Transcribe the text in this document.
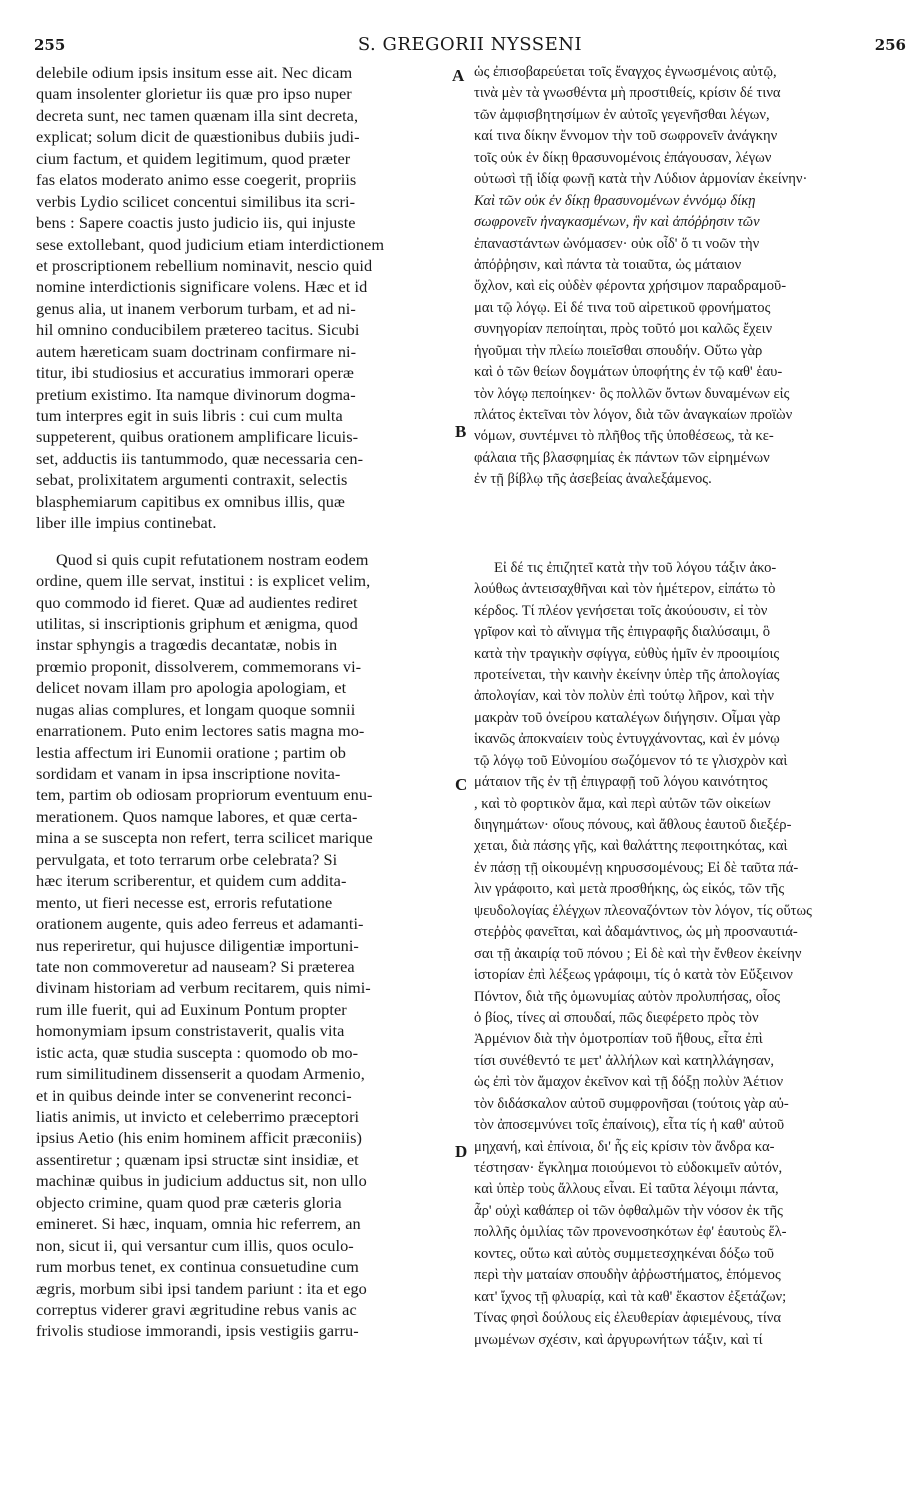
255	S. GREGORII NYSSENI	256
A
B
C
D

delebile odium ipsis insitum esse ait. Nec dicam

quam insolenter glorietur iis quæ pro ipso nuper

decreta sunt, nec tamen quænam illa sint decreta,

explicat; solum dicit de quæstionibus dubiis judi-

cium factum, et quidem legitimum, quod præter

fas elatos moderato animo esse coegerit, propriis

verbis Lydio scilicet concentui similibus ita scri-

bens : Sapere coactis justo judicio iis, qui injuste

sese extollebant, quod judicium etiam interdictionem

et proscriptionem rebellium nominavit, nescio quid

nomine interdictionis significare volens. Hæc et id

genus alia, ut inanem verborum turbam, et ad ni-

hil omnino conducibilem prætereo tacitus. Sicubi

autem hæreticam suam doctrinam confirmare ni-

titur, ibi studiosius et accuratius immorari operæ

pretium existimo. Ita namque divinorum dogma-

tum interpres egit in suis libris : cui cum multa

suppeterent, quibus orationem amplificare licuis-

set, adductis iis tantummodo, quæ necessaria cen-

sebat, prolixitatem argumenti contraxit, selectis

blasphemiarum capitibus ex omnibus illis, quæ

liber ille impius continebat.

Quod si quis cupit refutationem nostram eodem

ordine, quem ille servat, institui : is explicet velim,

quo commodo id fieret. Quæ ad audientes rediret

utilitas, si inscriptionis griphum et ænigma, quod

instar sphyngis a tragœdis decantatæ, nobis in

prœmio proponit, dissolverem, commemorans vi-

delicet novam illam pro apologia apologiam, et

nugas alias complures, et longam quoque somnii

enarrationem. Puto enim lectores satis magna mo-

lestia affectum iri Eunomii oratione ; partim ob

sordidam et vanam in ipsa inscriptione novita-

tem, partim ob odiosam propriorum eventuum enu-

merationem. Quos namque labores, et quæ certa-

mina a se suscepta non refert, terra scilicet marique

pervulgata, et toto terrarum orbe celebrata? Si

hæc iterum scriberentur, et quidem cum addita-

mento, ut fieri necesse est, erroris refutatione

orationem augente, quis adeo ferreus et adamanti-

nus reperiretur, qui hujusce diligentiæ importuni-

tate non commoveretur ad nauseam? Si præterea

divinam historiam ad verbum recitarem, quis nimi-

rum ille fuerit, qui ad Euxinum Pontum propter

homonymiam ipsum constristaverit, qualis vita

istic acta, quæ studia suscepta : quomodo ob mo-

rum similitudinem dissenserit a quodam Armenio,

et in quibus deinde inter se convenerint reconci-

liatis animis, ut invicto et celeberrimo præceptori

ipsius Aetio (his enim hominem afficit præconiis)

assentiretur ; quænam ipsi structæ sint insidiæ, et

machinæ quibus in judicium adductus sit, non ullo

objecto crimine, quam quod præ cæteris gloria

emineret. Si hæc, inquam, omnia hic referrem, an

non, sicut ii, qui versantur cum illis, quos oculo-

rum morbus tenet, ex continua consuetudine cum

ægris, morbum sibi ipsi tandem pariunt : ita et ego

correptus viderer gravi ægritudine rebus vanis ac

frivolis studiose immorandi, ipsis vestigiis garru-

ὡς ἐπισοβαρεύεται τοῖς ἔναγχος ἐγνωσμένοις αὐτῷ,

τινὰ μὲν τὰ γνωσθέντα μὴ προστιθείς, κρίσιν δέ τινα

τῶν ἀμφισβητησίμων ἐν αὐτοῖς γεγενῆσθαι λέγων,

καί τινα δίκην ἔννομον τὴν τοῦ σωφρονεῖν ἀνάγκην

τοῖς οὐκ ἐν δίκῃ θρασυνομένοις ἐπάγουσαν, λέγων

οὑτωσὶ τῇ ἰδίᾳ φωνῇ κατὰ τὴν Λύδιον ἁρμονίαν ἐκείνην·

Καὶ τῶν οὐκ ἐν δίκῃ θρασυνομένων ἐννόμῳ δίκῃ

σωφρονεῖν ἠναγκασμένων, ἣν καὶ ἀπόῤῥησιν τῶν

ἐπαναστάντων ὠνόμασεν· οὐκ οἶδ' ὅ τι νοῶν τὴν

ἀπόῤῥησιν, καὶ πάντα τὰ τοιαῦτα, ὡς μάταιον

ὄχλον, καὶ εἰς οὐδὲν φέροντα χρήσιμον παραδραμοῦ-

μαι τῷ λόγῳ. Εἰ δέ τινα τοῦ αἱρετικοῦ φρονήματος

συνηγορίαν πεποίηται, πρὸς τοῦτό μοι καλῶς ἔχειν

ἡγοῦμαι τὴν πλείω ποιεῖσθαι σπουδήν. Οὕτω γὰρ

καὶ ὁ τῶν θείων δογμάτων ὑποφήτης ἐν τῷ καθ' ἑαυ-

τὸν λόγῳ πεποίηκεν· ὃς πολλῶν ὄντων δυναμένων εἰς

πλάτος ἐκτεῖναι τὸν λόγον, διὰ τῶν ἀναγκαίων προϊὼν

νόμων, συντέμνει τὸ πλῆθος τῆς ὑποθέσεως, τὰ κε-

φάλαια τῆς βλασφημίας ἐκ πάντων τῶν εἰρημένων

ἐν τῇ βίβλῳ τῆς ἀσεβείας ἀναλεξάμενος.

Εἰ δέ τις ἐπιζητεῖ κατὰ τὴν τοῦ λόγου τάξιν ἀκο-

λούθως ἀντεισαχθῆναι καὶ τὸν ἡμέτερον, εἰπάτω τὸ

κέρδος. Τί πλέον γενήσεται τοῖς ἀκούουσιν, εἰ τὸν

γρῖφον καὶ τὸ αἴνιγμα τῆς ἐπιγραφῆς διαλύσαιμι, ὃ

κατὰ τὴν τραγικὴν σφίγγα, εὐθὺς ἡμῖν ἐν προοιμίοις

προτείνεται, τὴν καινὴν ἐκείνην ὑπὲρ τῆς ἀπολογίας

ἀπολογίαν, καὶ τὸν πολὺν ἐπὶ τούτῳ λῆρον, καὶ τὴν

μακρὰν τοῦ ὀνείρου καταλέγων διήγησιν. Οἶμαι γὰρ

ἱκανῶς ἀποκναίειν τοὺς ἐντυγχάνοντας, καὶ ἐν μόνῳ

τῷ λόγῳ τοῦ Εὐνομίου σωζόμενον τό τε γλισχρὸν καὶ

μάταιον τῆς ἐν τῇ ἐπιγραφῇ τοῦ λόγου καινότητος

, καὶ τὸ φορτικὸν ἅμα, καὶ περὶ αὐτῶν τῶν οἰκείων

διηγημάτων· οἵους πόνους, καὶ ἄθλους ἑαυτοῦ διεξέρ-

χεται, διὰ πάσης γῆς, καὶ θαλάττης πεφοιτηκότας, καὶ

ἐν πάσῃ τῇ οἰκουμένῃ κηρυσσομένους; Εἰ δὲ ταῦτα πά-

λιν γράφοιτο, καὶ μετὰ προσθήκης, ὡς εἰκός, τῶν τῆς

ψευδολογίας ἐλέγχων πλεοναζόντων τὸν λόγον, τίς οὕτως

στεῤῥὸς φανεῖται, καὶ ἀδαμάντινος, ὡς μὴ προσναυτιά-

σαι τῇ ἀκαιρίᾳ τοῦ πόνου ; Εἰ δὲ καὶ τὴν ἔνθεον ἐκείνην

ἱστορίαν ἐπὶ λέξεως γράφοιμι, τίς ὁ κατὰ τὸν Εὔξεινον

Πόντον, διὰ τῆς ὁμωνυμίας αὐτὸν προλυπήσας, οἷος

ὁ βίος, τίνες αἱ σπουδαί, πῶς διεφέρετο πρὸς τὸν

Ἀρμένιον διὰ τὴν ὁμοτροπίαν τοῦ ἤθους, εἶτα ἐπὶ

τίσι συνέθεντό τε μετ' ἀλλήλων καὶ κατηλλάγησαν,

ὡς ἐπὶ τὸν ἄμαχον ἐκεῖνον καὶ τῇ δόξῃ πολὺν Ἀέτιον

τὸν διδάσκαλον αὐτοῦ συμφρονῆσαι (τούτοις γὰρ αὐ-

τὸν ἀποσεμνύνει τοῖς ἐπαίνοις), εἶτα τίς ἡ καθ' αὐτοῦ

μηχανή, καὶ ἐπίνοια, δι' ἧς εἰς κρίσιν τὸν ἄνδρα κα-

τέστησαν· ἔγκλημα ποιούμενοι τὸ εὐδοκιμεῖν αὐτόν,

καὶ ὑπὲρ τοὺς ἄλλους εἶναι. Εἰ ταῦτα λέγοιμι πάντα,

ἆρ' οὐχὶ καθάπερ οἱ τῶν ὀφθαλμῶν τὴν νόσον ἐκ τῆς

πολλῆς ὁμιλίας τῶν προνενοσηκότων ἐφ' ἑαυτοὺς ἕλ-

κοντες, οὕτω καὶ αὐτὸς συμμετεσχηκέναι δόξω τοῦ

περὶ τὴν ματαίαν σπουδὴν ἀῤῥωστήματος, ἑπόμενος

κατ' ἴχνος τῇ φλυαρίᾳ, καὶ τὰ καθ' ἕκαστον ἐξετάζων;

Τίνας φησὶ δούλους εἰς ἐλευθερίαν ἀφιεμένους, τίνα

μνωμένων σχέσιν, καὶ ἀργυρωνήτων τάξιν, καὶ τί
